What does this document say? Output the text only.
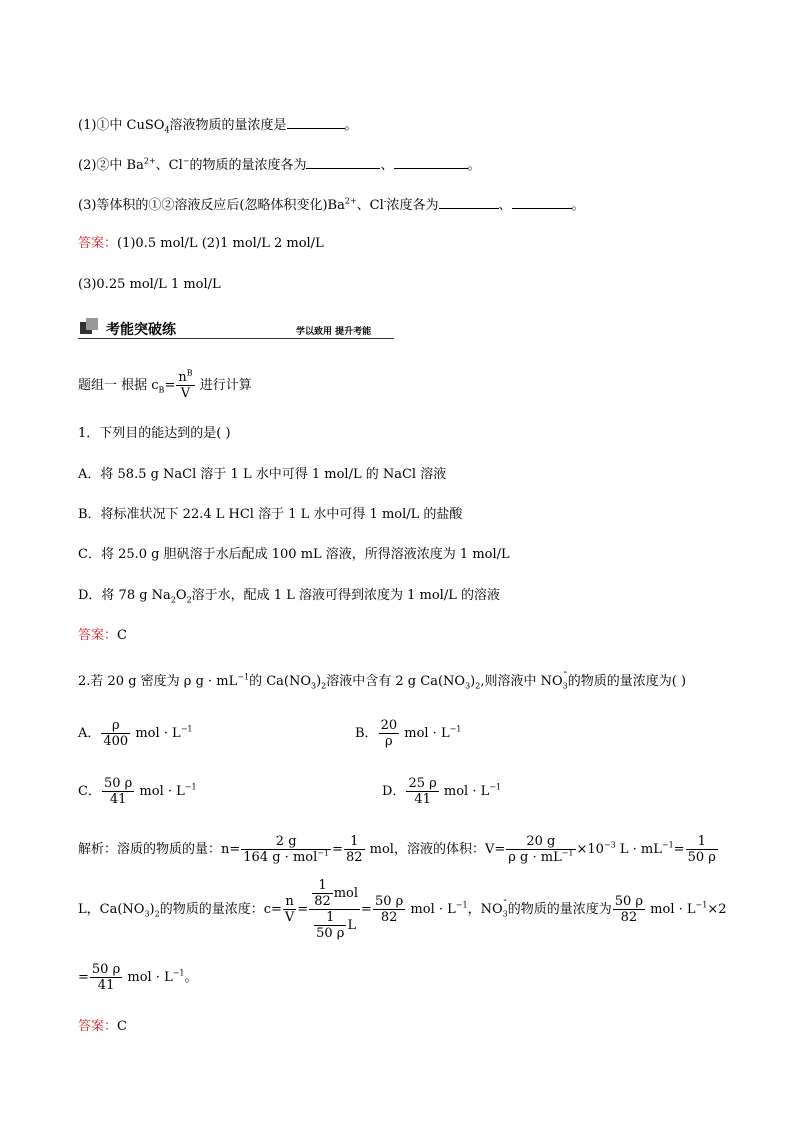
(1)①中 CuSO$_4$溶液物质的量浓度是	。
(2)②中 $Ba^{2+}$、Cl−的物质的量浓度各为	、	。
(3)等体积的①②溶液反应后(忽略体积变化)$Ba^{2+}$、Cl-浓度各为	、	。
答案：(1)0.5 mol/L (2)1 mol/L 2 mol/L
(3)0.25 mol/L 1 mol/L
考能突破练	学以致用 提升考能
题组一 根据 $c_B= \frac{n^B}{V}$ 进行计算
1．下列目的能达到的是( )
A．将 58.5 g NaCl 溶于 1 L 水中可得 1 mol/L 的 NaCl 溶液
B．将标准状况下 22.4 L HCl 溶于 1 L 水中可得 1 mol/L 的盐酸
C．将 25.0 g 胆矾溶于水后配成 100 mL 溶液，所得溶液浓度为 1 mol/L
D．将 78 g $Na_2O_2$溶于水，配成 1 L 溶液可得到浓度为 1 mol/L 的溶液
答案：C
2.若 20 g 密度为 ρ $g \cdot mL^{-1}$的 $Ca(NO_3)_2$溶液中含有 2 g $Ca(NO_3)_2$,则溶液中 NO- $_3$的物质的量浓度为( )
A． $\frac{\rho}{400}$ mol · $L^{-1}$	B． $\frac{20}{\rho}$ mol · $L^{-1}$
C． $\frac{50 \rho}{41}$ mol · $L^{-1}$	D． $\frac{25 \rho}{41}$ mol · $L^{-1}$
解析：溶质的物质的量：$n= \frac{2 g}{164 g \cdot mol^{-1}} = \frac{1}{82}$ mol，溶液的体积：$V= \frac{20 g}{\rho g \cdot mL^{-1}} \times 10^{-3}$ $L \cdot mL^{-1}= \frac{1}{50 \rho}$
L，$Ca(NO_3)_2$的物质的量浓度：$c= \frac{n}{V} = \frac{\frac{1}{82} mol}{\frac{1}{50 \rho} L} = \frac{50 \rho}{82}$ mol · $L^{-1}$，NO- $_3$的物质的量浓度为 $\frac{50 \rho}{82}$ mol · $L^{-1}\times 2$
= $\frac{50 \rho}{41}$ mol · $L^{-1}$。
答案：C
